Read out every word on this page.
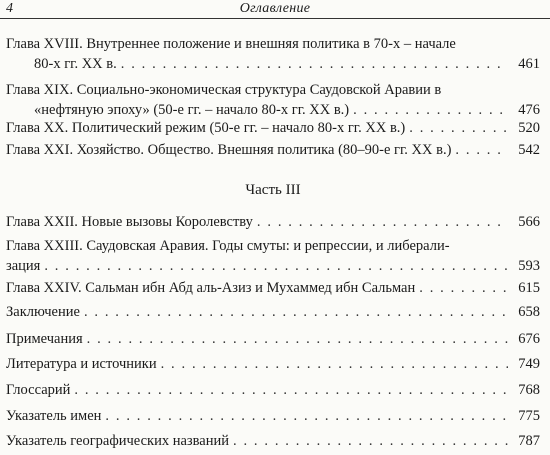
4	Оглавление
Глава XVIII. Внутреннее положение и внешняя политика в 70-х – начале
80-х гг. XX в. . . .	461
Глава XIX. Социально-экономическая структура Саудовской Аравии в
«нефтяную эпоху» (50-е гг. – начало 80-х гг. XX в.) . . .	476
Глава XX. Политический режим (50-е гг. – начало 80-х гг. XX в.) . . .	520
Глава XXI. Хозяйство. Общество. Внешняя политика (80–90-е гг. XX в.) . . .	542
Часть III
Глава XXII. Новые вызовы Королевству . . .	566
Глава XXIII. Саудовская Аравия. Годы смуты: и репрессии, и либерали-
зация . . .	593
Глава XXIV. Сальман ибн Абд аль-Азиз и Мухаммед ибн Сальман . . .	615
Заключение . . .	658
Примечания . . .	676
Литература и источники . . .	749
Глоссарий . . .	768
Указатель имен . . .	775
Указатель географических названий . . .	787
